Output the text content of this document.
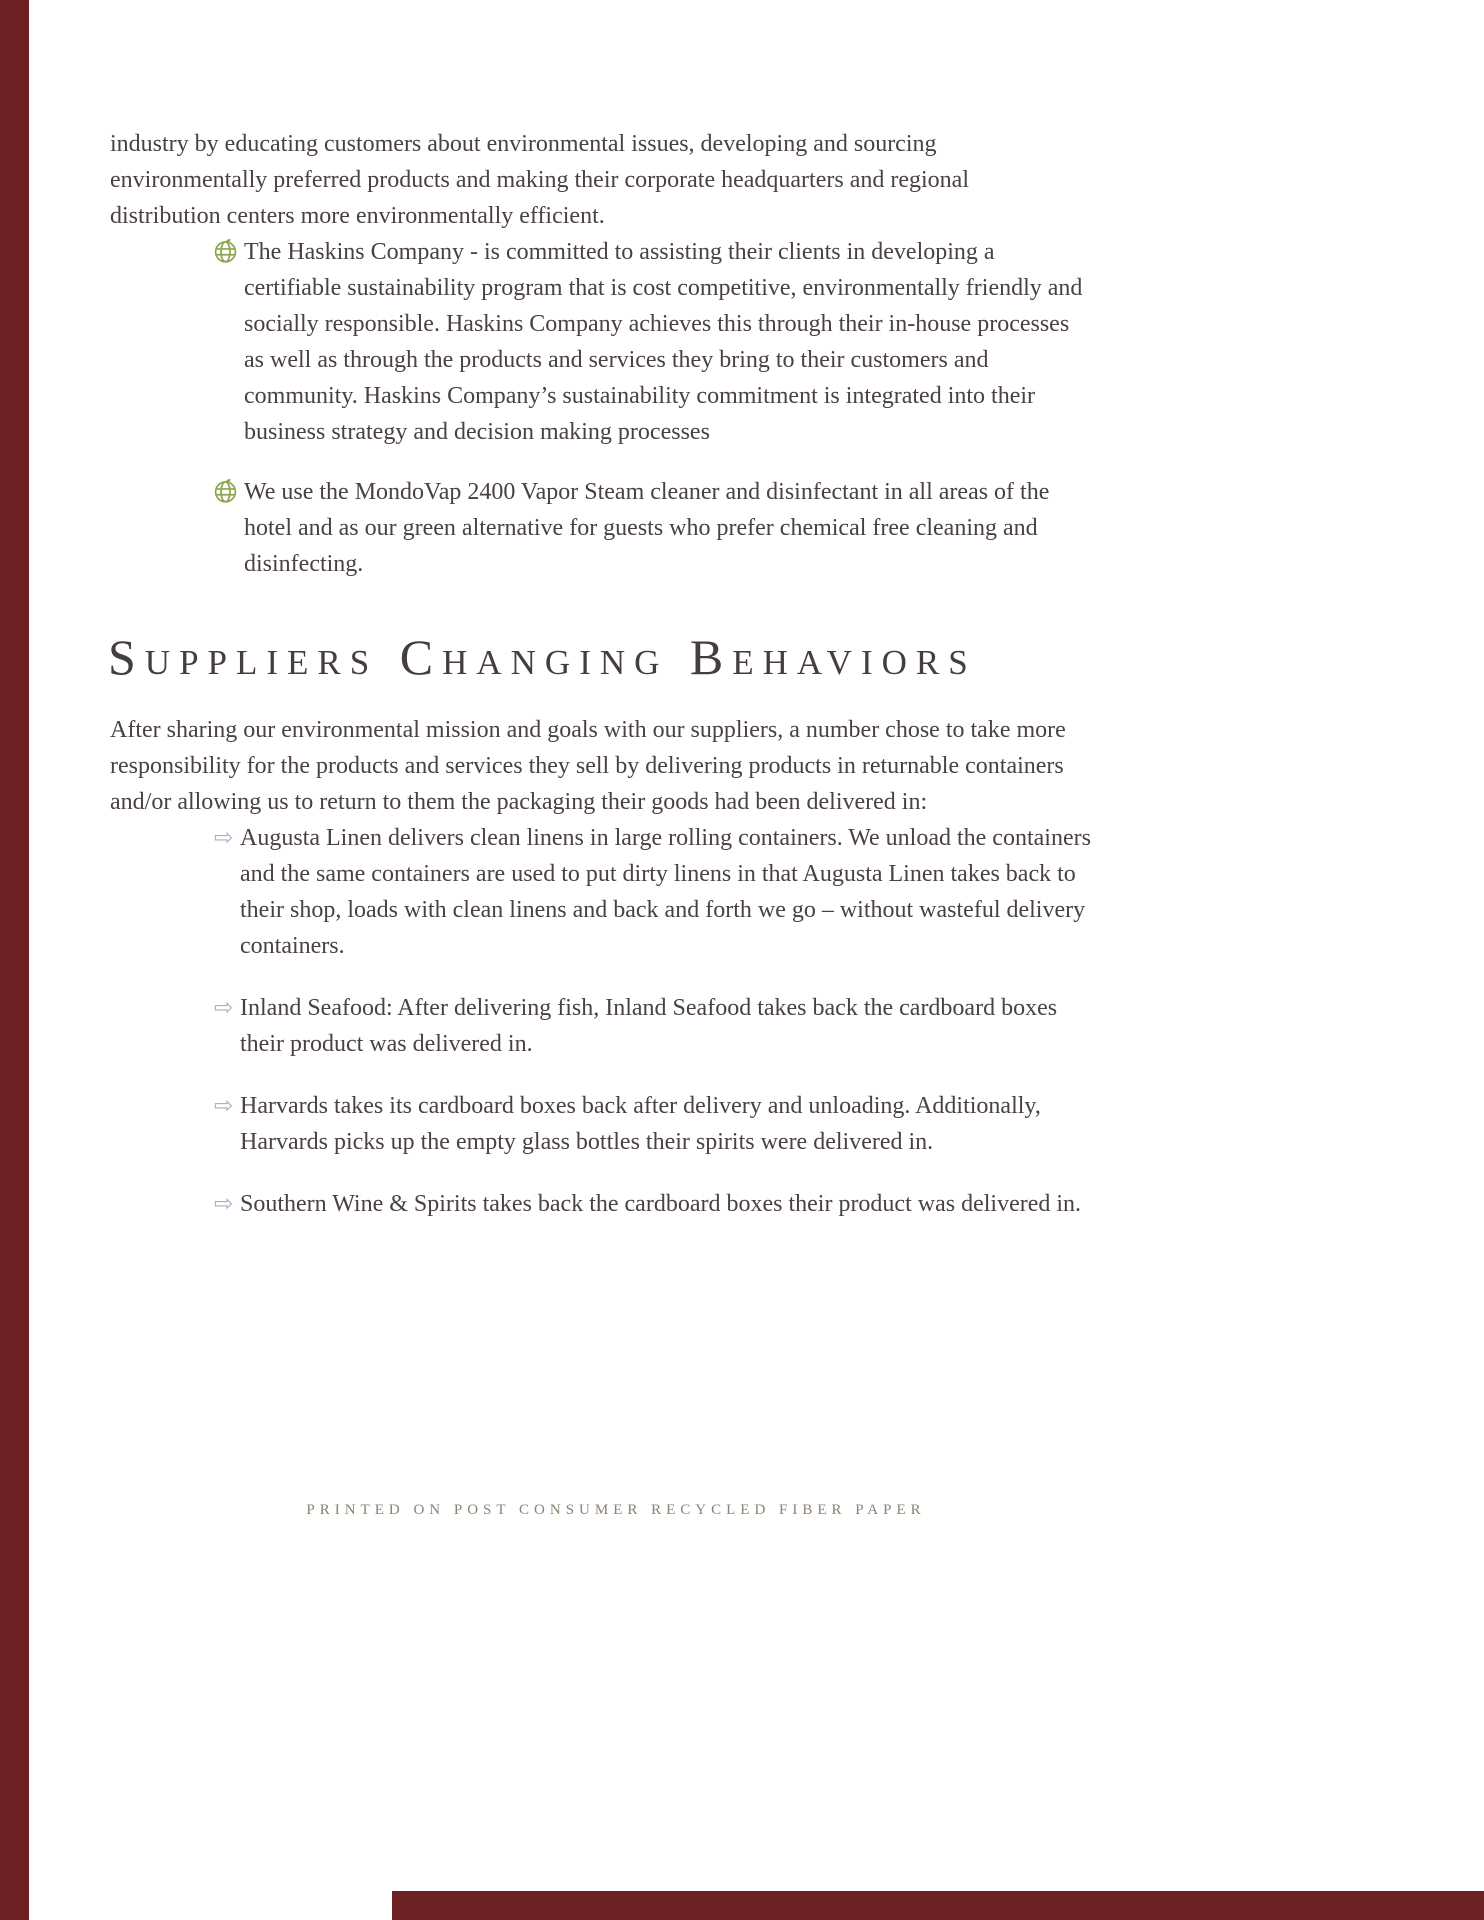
industry by educating customers about environmental issues, developing and sourcing environmentally preferred products and making their corporate headquarters and regional distribution centers more environmentally efficient.

The Haskins Company - is committed to assisting their clients in developing a certifiable sustainability program that is cost competitive, environmentally friendly and socially responsible. Haskins Company achieves this through their in-house processes as well as through the products and services they bring to their customers and community. Haskins Company’s sustainability commitment is integrated into their business strategy and decision making processes

We use the MondoVap 2400 Vapor Steam cleaner and disinfectant in all areas of the hotel and as our green alternative for guests who prefer chemical free cleaning and disinfecting.

Suppliers Changing Behaviors

After sharing our environmental mission and goals with our suppliers, a number chose to take more responsibility for the products and services they sell by delivering products in returnable containers and/or allowing us to return to them the packaging their goods had been delivered in:

⇨ Augusta Linen delivers clean linens in large rolling containers. We unload the containers and the same containers are used to put dirty linens in that Augusta Linen takes back to their shop, loads with clean linens and back and forth we go – without wasteful delivery containers.

⇨ Inland Seafood: After delivering fish, Inland Seafood takes back the cardboard boxes their product was delivered in.

⇨ Harvards takes its cardboard boxes back after delivery and unloading. Additionally, Harvards picks up the empty glass bottles their spirits were delivered in.

⇨ Southern Wine & Spirits takes back the cardboard boxes their product was delivered in.

PRINTED ON POST CONSUMER RECYCLED FIBER PAPER
